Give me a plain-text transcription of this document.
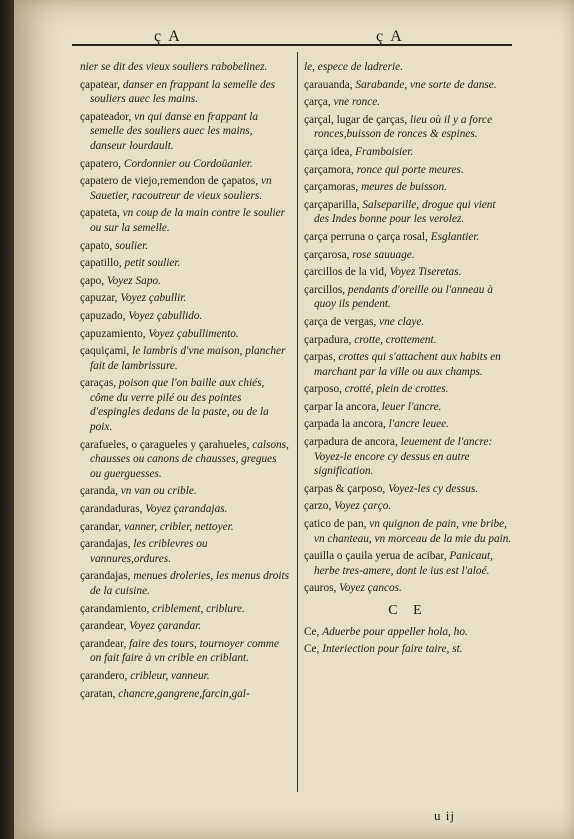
ç A	ç A
nier se dit des vieux souliers rabobelinez.
çapatear, danser en frappant la semelle des souliers auec les mains.
çapateador, vn qui danse en frappant la semelle des souliers auec les mains, danseur lourdault.
çapatero, Cordonnier ou Cordoüanier.
çapatero de viejo,remendon de çapatos, vn Sauetier, racoutreur de vieux souliers.
çapateta, vn coup de la main contre le soulier ou sur la semelle.
çapato, soulier.
çapatillo, petit soulier.
çapo, Voyez Sapo.
çapuzar, Voyez çabullir.
çapuzado, Voyez çabullido.
çapuzamiento, Voyez çabullimento.
çaquiçami, le lambris d'vne maison, plancher fait de lambrissure.
çaraças, poison que l'on baille aux chiés, côme du verre pilé ou des pointes d'espingles dedans de la paste, ou de la poix.
çarafueles, o çaragueles y çarahueles, calsons, chausses ou canons de chausses, gregues ou guerguesses.
çaranda, vn van ou crible.
çarandaduras, Voyez çarandajas.
çarandar, vanner, cribler, nettoyer.
çarandajas, les criblevres ou vannures,ordures.
çarandajas, menues droleries, les menus droits de la cuisine.
çarandamiento, criblement, criblure.
çarandear, Voyez çarandar.
çarandear, faire des tours, tournoyer comme on fait faire à vn crible en criblant.
çarandero, cribleur, vanneur.
çaratan, chancre,gangrene,farcin,gal-
le, espece de ladrerie.
çarauanda, Sarabande, vne sorte de danse.
çarça, vne ronce.
çarçal, lugar de çarças, lieu où il y a force ronces,buisson de ronces & espines.
çarça idea, Framboisier.
çarçamora, ronce qui porte meures.
çarçamoras, meures de buisson.
çarçaparilla, Salseparille, drogue qui vient des Indes bonne pour les verolez.
çarça perruna o çarça rosal, Esglantier.
çarçarosa, rose sauuage.
çarcillos de la vid, Voyez Tiseretas.
çarcillos, pendants d'oreille ou l'anneau à quoy ils pendent.
çarça de vergas, vne claye.
çarpadura, crotte, crottement.
çarpas, crottes qui s'attachent aux habits en marchant par la ville ou aux champs.
çarposo, crotté, plein de crottes.
çarpar la ancora, leuer l'ancre.
çarpada la ancora, l'ancre leuee.
çarpadura de ancora, leuement de l'ancre: Voyez-le encore cy dessus en autre signification.
çarpas & çarposo, Voyez-les cy dessus.
çarzo, Voyez çarço.
çatico de pan, vn quignon de pain, vne bribe, vn chanteau, vn morceau de la mie du pain.
çauilla o çauila yerua de acibar, Panicaut, herbe tres-amere, dont le ius est l'aloé.
çauros, Voyez çancos.
C E
Ce, Aduerbe pour appeller hola, ho.
Ce, Interiection pour faire taire, st.
u ij
